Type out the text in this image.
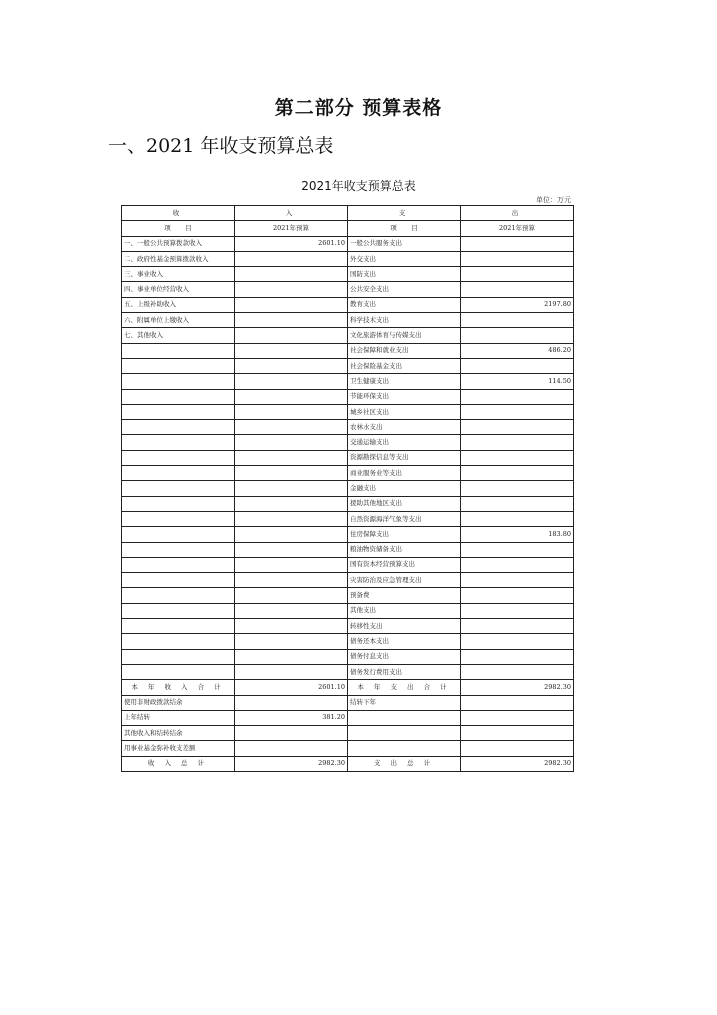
第二部分 预算表格
一、2021 年收支预算总表
2021年收支预算总表
单位：万元
收	入	支	出
项 目	2021年预算	项 目	2021年预算
一、一般公共预算拨款收入	2601.10	一般公共服务支出	
二、政府性基金预算拨款收入		外交支出	
三、事业收入		国防支出	
四、事业单位经营收入		公共安全支出	
五、上级补助收入		教育支出	2197.80
六、附属单位上缴收入		科学技术支出	
七、其他收入		文化旅游体育与传媒支出	
		社会保障和就业支出	486.20
		社会保险基金支出	
		卫生健康支出	114.50
		节能环保支出	
		城乡社区支出	
		农林水支出	
		交通运输支出	
		资源勘探信息等支出	
		商业服务业等支出	
		金融支出	
		援助其他地区支出	
		自然资源海洋气象等支出	
		住房保障支出	183.80
		粮油物资储备支出	
		国有资本经营预算支出	
		灾害防治及应急管理支出	
		预备费	
		其他支出	
		转移性支出	
		债务还本支出	
		债务付息支出	
		债务发行费用支出	
本 年 收 入 合 计	2601.10	本 年 支 出 合 计	2982.30
使用非财政拨款结余		结转下年	
上年结转	381.20		
其他收入和结转结余			
用事业基金弥补收支差额			
收 入 总 计	2982.30	支 出 总 计	2982.30
